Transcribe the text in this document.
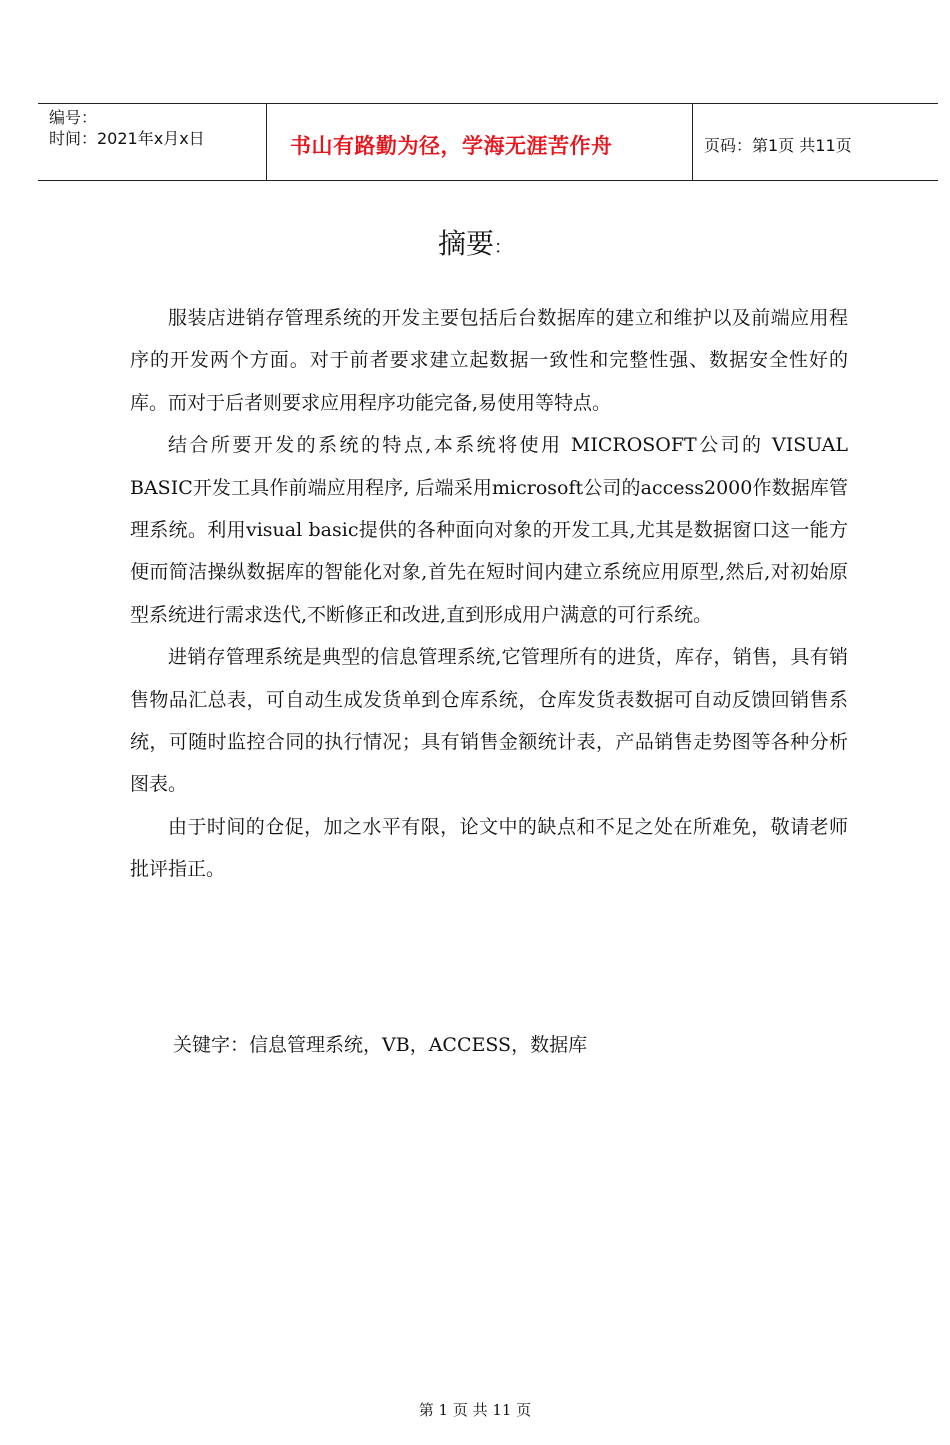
编号：
时间：2021年x月x日	书山有路勤为径，学海无涯苦作舟	页码：第1页 共11页
摘要：

服装店进销存管理系统的开发主要包括后台数据库的建立和维护以及前端应用程序的开发两个方面。对于前者要求建立起数据一致性和完整性强、数据安全性好的库。而对于后者则要求应用程序功能完备,易使用等特点。

结合所要开发的系统的特点,本系统将使用 MICROSOFT公司的 VISUAL BASIC开发工具作前端应用程序, 后端采用microsoft公司的access2000作数据库管理系统。利用visual basic提供的各种面向对象的开发工具,尤其是数据窗口这一能方便而简洁操纵数据库的智能化对象,首先在短时间内建立系统应用原型,然后,对初始原型系统进行需求迭代,不断修正和改进,直到形成用户满意的可行系统。

进销存管理系统是典型的信息管理系统,它管理所有的进货，库存，销售，具有销售物品汇总表，可自动生成发货单到仓库系统，仓库发货表数据可自动反馈回销售系统，可随时监控合同的执行情况；具有销售金额统计表，产品销售走势图等各种分析图表。

由于时间的仓促，加之水平有限，论文中的缺点和不足之处在所难免，敬请老师批评指正。

关键字：信息管理系统，VB，ACCESS，数据库
第 1 页 共 11 页
